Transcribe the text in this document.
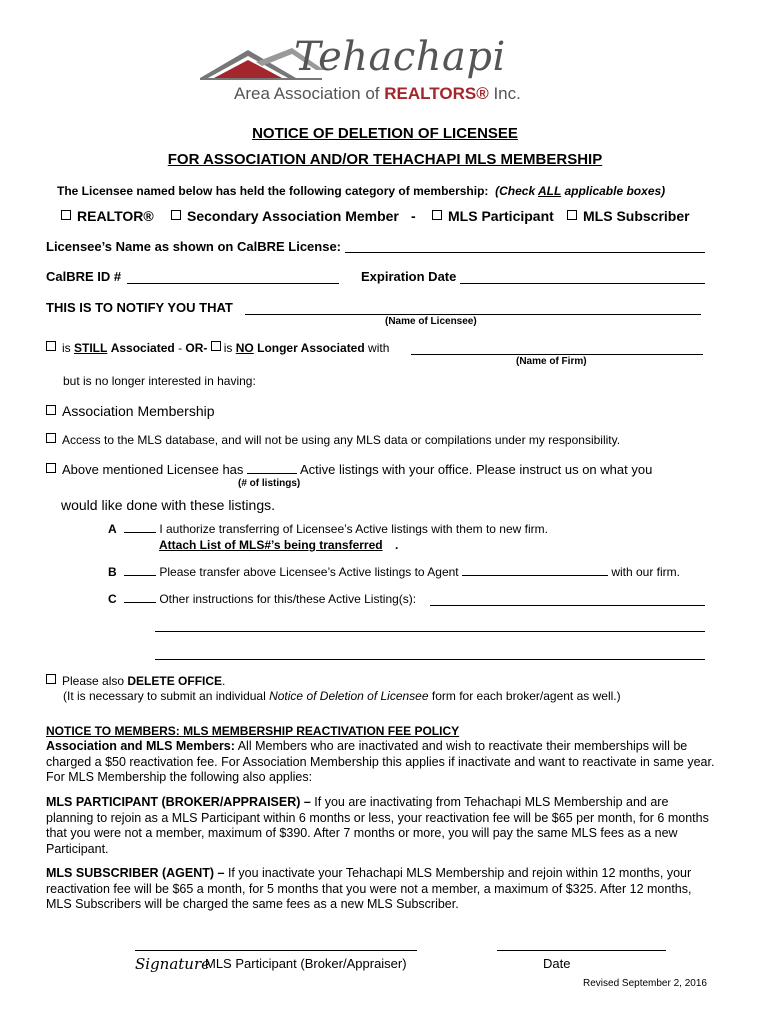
Tehachapi
Area Association of REALTORS® Inc.
NOTICE OF DELETION OF LICENSEE
FOR ASSOCIATION AND/OR TEHACHAPI MLS MEMBERSHIP
The Licensee named below has held the following category of membership: (Check ALL applicable boxes)
REALTOR®	Secondary Association Member -	MLS Participant	MLS Subscriber
Licensee’s Name as shown on CalBRE License:
CalBRE ID #	Expiration Date
THIS IS TO NOTIFY YOU THAT
(Name of Licensee)
is STILL Associated - OR- is NO Longer Associated with
(Name of Firm)
but is no longer interested in having:
Association Membership
Access to the MLS database, and will not be using any MLS data or compilations under my responsibility.
Above mentioned Licensee has	Active listings with your office. Please instruct us on what you
(# of listings)
would like done with these listings.
A	I authorize transferring of Licensee’s Active listings with them to new firm.
Attach List of MLS#’s being transferred .
B	Please transfer above Licensee’s Active listings to Agent	with our firm.
C	Other instructions for this/these Active Listing(s):
Please also DELETE OFFICE.
(It is necessary to submit an individual Notice of Deletion of Licensee form for each broker/agent as well.)
NOTICE TO MEMBERS: MLS MEMBERSHIP REACTIVATION FEE POLICY
Association and MLS Members: All Members who are inactivated and wish to reactivate their memberships will be charged a $50 reactivation fee. For Association Membership this applies if inactivate and want to reactivate in same year. For MLS Membership the following also applies:
MLS PARTICIPANT (BROKER/APPRAISER) – If you are inactivating from Tehachapi MLS Membership and are planning to rejoin as a MLS Participant within 6 months or less, your reactivation fee will be $65 per month, for 6 months that you were not a member, maximum of $390. After 7 months or more, you will pay the same MLS fees as a new Participant.
MLS SUBSCRIBER (AGENT) – If you inactivate your Tehachapi MLS Membership and rejoin within 12 months, your reactivation fee will be $65 a month, for 5 months that you were not a member, a maximum of $325. After 12 months, MLS Subscribers will be charged the same fees as a new MLS Subscriber.
Signature
MLS Participant (Broker/Appraiser)	Date
Revised September 2, 2016
